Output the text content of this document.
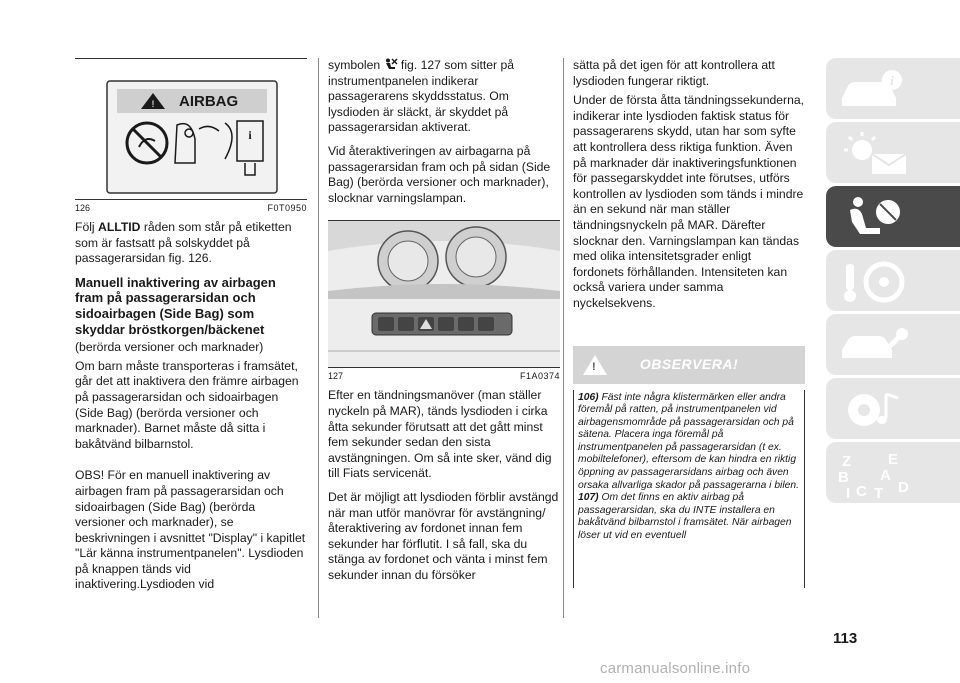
! AIRBAG
i
126	F0T0950

Följ ALLTID råden som står på etiketten som är fastsatt på solskyddet på passagerarsidan fig. 126.

Manuell inaktivering av airbagen fram på passagerarsidan och sidoairbagen (Side Bag) som skyddar bröstkorgen/bäckenet

(berörda versioner och marknader)

Om barn måste transporteras i framsätet, går det att inaktivera den främre airbagen på passagerarsidan och sidoairbagen (Side Bag) (berörda versioner och marknader). Barnet måste då sitta i bakåtvänd bilbarnstol.

OBS! För en manuell inaktivering av airbagen fram på passagerarsidan och sidoairbagen (Side Bag) (berörda versioner och marknader), se beskrivningen i avsnittet "Display" i kapitlet "Lär känna instrumentpanelen". Lysdioden på knappen tänds vid inaktivering.Lysdioden vid

symbolen  fig. 127 som sitter på instrumentpanelen indikerar passagerarens skyddsstatus. Om lysdioden är släckt, är skyddet på passagerarsidan aktiverat.

Vid återaktiveringen av airbagarna på passagerarsidan fram och på sidan (Side Bag) (berörda versioner och marknader), slocknar varningslampan.

127	F1A0374

Efter en tändningsmanöver (man ställer nyckeln på MAR), tänds lysdioden i cirka åtta sekunder förutsatt att det gått minst fem sekunder sedan den sista avstängningen. Om så inte sker, vänd dig till Fiats servicenät.

Det är möjligt att lysdioden förblir avstängd när man utför manövrar för avstängning/återaktivering av fordonet innan fem sekunder har förflutit. I så fall, ska du stänga av fordonet och vänta i minst fem sekunder innan du försöker

sätta på det igen för att kontrollera att lysdioden fungerar riktigt.

Under de första åtta tändningssekunderna, indikerar inte lysdioden faktisk status för passagerarens skydd, utan har som syfte att kontrollera dess riktiga funktion. Även på marknader där inaktiveringsfunktionen för passegarskyddet inte förutses, utförs kontrollen av lysdioden som tänds i mindre än en sekund när man ställer tändningsnyckeln på MAR. Därefter slocknar den. Varningslampan kan tändas med olika intensitetsgrader enligt fordonets förhållanden. Intensiteten kan också variera under samma nyckelsekvens.

!
OBSERVERA!

106) Fäst inte några klistermärken eller andra föremål på ratten, på instrumentpanelen vid airbagensmområde på passagerarsidan och på sätena. Placera inga föremål på instrumentpanelen på passagerarsidan (t ex. mobiltelefoner), eftersom de kan hindra en riktig öppning av passagerarsidans airbag och även orsaka allvarliga skador på passagerarna i bilen.

107) Om det finns en aktiv airbag på passagerarsidan, ska du INTE installera en bakåtvänd bilbarnstol i framsätet. När airbagen löser ut vid en eventuell

i
Z E
B A
I C T D
113
carmanualsonline.info
